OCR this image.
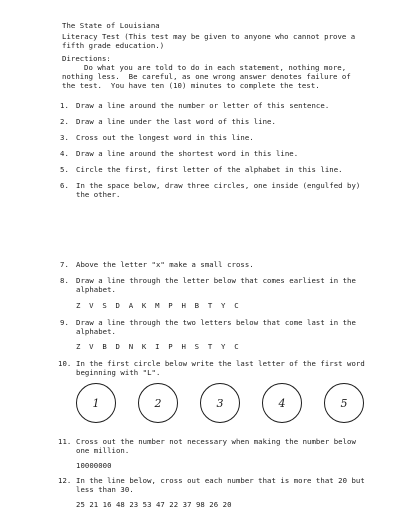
The State of Louisiana

Literacy Test (This test may be given to anyone who cannot prove a

fifth grade education.)

Directions:

Do what you are told to do in each statement, nothing more,

nothing less.  Be careful, as one wrong answer denotes failure of

the test.  You have ten (10) minutes to complete the test.

1. Draw a line around the number or letter of this sentence.

2. Draw a line under the last word of this line.

3. Cross out the longest word in this line.

4. Draw a line around the shortest word in this line.

5. Circle the first, first letter of the alphabet in this line.

6. In the space below, draw three circles, one inside (engulfed by)

the other.

7. Above the letter "x" make a small cross.

8. Draw a line through the letter below that comes earliest in the

alphabet.

Z V S D A K M P H B T Y C

9. Draw a line through the two letters below that come last in the

alphabet.

Z V B D N K I P H S T Y C

10. In the first circle below write the last letter of the first word

beginning with "L".

1	2	3	4	5

11. Cross out the number not necessary when making the number below

one million.

10000000

12. In the line below, cross out each number that is more that 20 but

less than 30.

25 21 16 48 23 53 47 22 37 98 26 20
